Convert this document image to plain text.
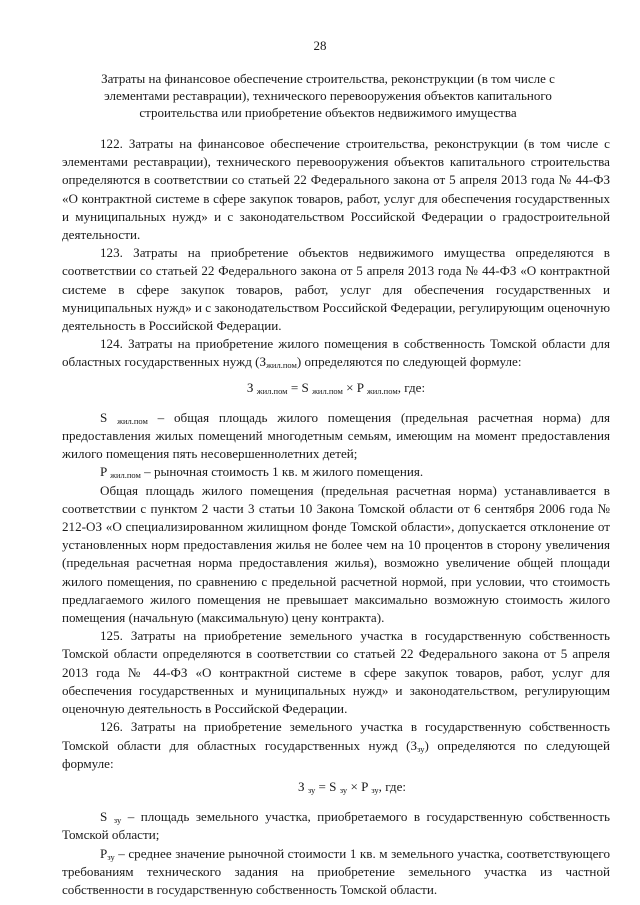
28
Затраты на финансовое обеспечение строительства, реконструкции (в том числе с
элементами реставрации), технического перевооружения объектов капитального
строительства или приобретение объектов недвижимого имущества

122. Затраты на финансовое обеспечение строительства, реконструкции (в том числе с элементами реставрации), технического перевооружения объектов капитального строительства определяются в соответствии со статьей 22 Федерального закона от 5 апреля 2013 года № 44-ФЗ «О контрактной системе в сфере закупок товаров, работ, услуг для обеспечения государственных и муниципальных нужд» и с законодательством Российской Федерации о градостроительной деятельности.

123. Затраты на приобретение объектов недвижимого имущества определяются в соответствии со статьей 22 Федерального закона от 5 апреля 2013 года № 44-ФЗ «О контрактной системе в сфере закупок товаров, работ, услуг для обеспечения государственных и муниципальных нужд» и с законодательством Российской Федерации, регулирующим оценочную деятельность в Российской Федерации.

124. Затраты на приобретение жилого помещения в собственность Томской области для областных государственных нужд $(З_{жил.пом})$ определяются по следующей формуле:

З $_{жил.пом}$ = S $_{жил.пом}$ × P $_{жил.пом}$, где:

S $_{жил.пом}$ – общая площадь жилого помещения (предельная расчетная норма) для предоставления жилых помещений многодетным семьям, имеющим на момент предоставления жилого помещения пять несовершеннолетних детей;

P $_{жил.пом}$ – рыночная стоимость 1 кв. м жилого помещения.

Общая площадь жилого помещения (предельная расчетная норма) устанавливается в соответствии с пунктом 2 части 3 статьи 10 Закона Томской области от 6 сентября 2006 года № 212-ОЗ «О специализированном жилищном фонде Томской области», допускается отклонение от установленных норм предоставления жилья не более чем на 10 процентов в сторону увеличения (предельная расчетная норма предоставления жилья), возможно увеличение общей площади жилого помещения, по сравнению с предельной расчетной нормой, при условии, что стоимость предлагаемого жилого помещения не превышает максимально возможную стоимость жилого помещения (начальную (максимальную) цену контракта).

125. Затраты на приобретение земельного участка в государственную собственность Томской области определяются в соответствии со статьей 22 Федерального закона от 5 апреля 2013 года № 44-ФЗ «О контрактной системе в сфере закупок товаров, работ, услуг для обеспечения государственных и муниципальных нужд» и законодательством, регулирующим оценочную деятельность в Российской Федерации.

126. Затраты на приобретение земельного участка в государственную собственность Томской области для областных государственных нужд $(З_{зу})$ определяются по следующей формуле:

З $_{зу}$ = S $_{зу}$ × P $_{зу}$, где:

S $_{зу}$ – площадь земельного участка, приобретаемого в государственную собственность Томской области;

$P_{зу}$ – среднее значение рыночной стоимости 1 кв. м земельного участка, соответствующего требованиям технического задания на приобретение земельного участка из частной собственности в государственную собственность Томской области.
